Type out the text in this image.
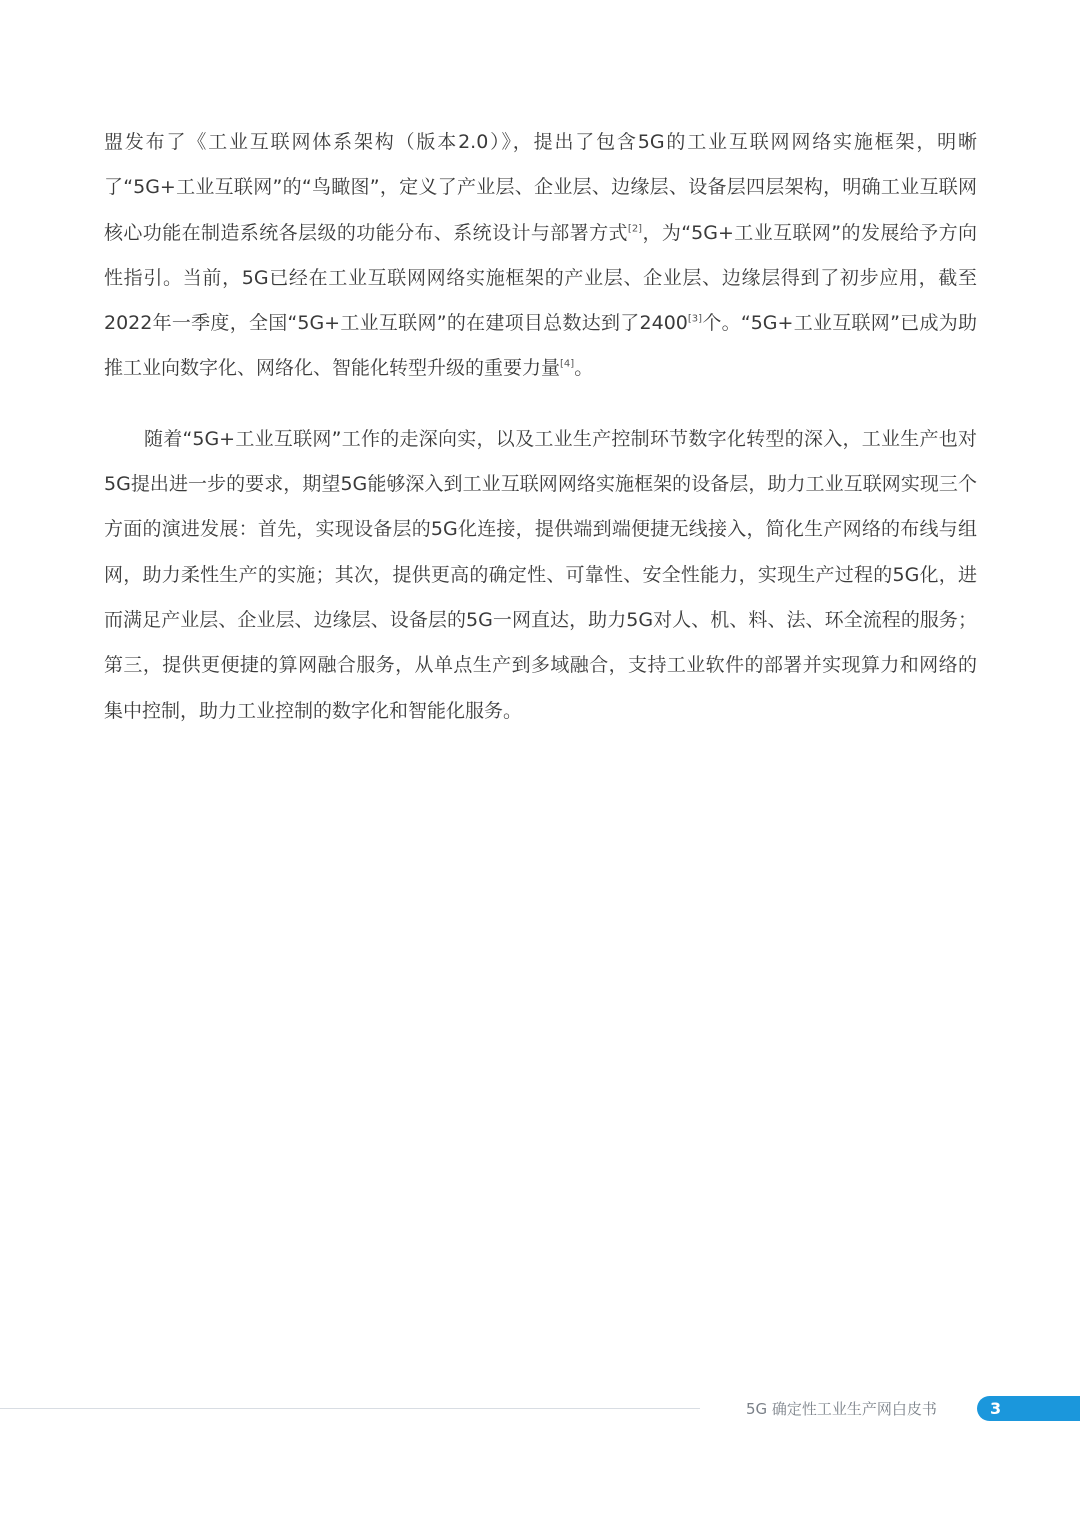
盟发布了《工业互联网体系架构（版本2.0）》，提出了包含5G的工业互联网网络实施框架，明晰了“5G+工业互联网”的“鸟瞰图”，定义了产业层、企业层、边缘层、设备层四层架构，明确工业互联网核心功能在制造系统各层级的功能分布、系统设计与部署方式[2]，为“5G+工业互联网”的发展给予方向性指引。当前，5G已经在工业互联网网络实施框架的产业层、企业层、边缘层得到了初步应用，截至2022年一季度，全国“5G+工业互联网”的在建项目总数达到了2400[3]个。“5G+工业互联网”已成为助推工业向数字化、网络化、智能化转型升级的重要力量[4]。

随着“5G+工业互联网”工作的走深向实，以及工业生产控制环节数字化转型的深入，工业生产也对5G提出进一步的要求，期望5G能够深入到工业互联网网络实施框架的设备层，助力工业互联网实现三个方面的演进发展：首先，实现设备层的5G化连接，提供端到端便捷无线接入，简化生产网络的布线与组网，助力柔性生产的实施；其次，提供更高的确定性、可靠性、安全性能力，实现生产过程的5G化，进而满足产业层、企业层、边缘层、设备层的5G一网直达，助力5G对人、机、料、法、环全流程的服务；第三，提供更便捷的算网融合服务，从单点生产到多域融合，支持工业软件的部署并实现算力和网络的集中控制，助力工业控制的数字化和智能化服务。

5G 确定性工业生产网白皮书	3
